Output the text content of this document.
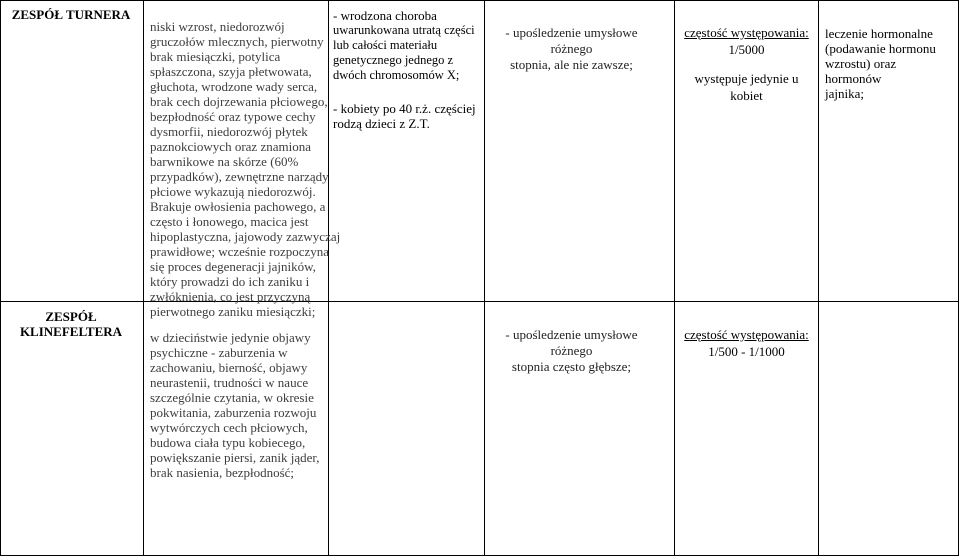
ZESPÓŁ TURNERA
niski wzrost, niedorozwój
gruczołów mlecznych, pierwotny
brak miesiączki, potylica
spłaszczona, szyja płetwowata,
głuchota, wrodzone wady serca,
brak cech dojrzewania płciowego,
bezpłodność oraz typowe cechy
dysmorfii, niedorozwój płytek
paznokciowych oraz znamiona
barwnikowe na skórze (60%
przypadków), zewnętrzne narządy
płciowe wykazują niedorozwój.
Brakuje owłosienia pachowego, a
często i łonowego, macica jest
hipoplastyczna, jajowody zazwyczaj
prawidłowe; wcześnie rozpoczyna
się proces degeneracji jajników,
który prowadzi do ich zaniku i
zwłóknienia, co jest przyczyną
pierwotnego zaniku miesiączki;
- wrodzona choroba
uwarunkowana utratą części
lub całości materiału
genetycznego jednego z
dwóch chromosomów X;
- kobiety po 40 r.ż. częściej
rodzą dzieci z Z.T.
- upośledzenie umysłowe różnego
stopnia, ale nie zawsze;
częstość występowania:
1/5000
występuje jedynie u kobiet
leczenie hormonalne
(podawanie hormonu
wzrostu) oraz hormonów
jajnika;
ZESPÓŁ
KLINEFELTERA	w dzieciństwie jedynie objawy
psychiczne - zaburzenia w
zachowaniu, bierność, objawy
neurastenii, trudności w nauce
szczególnie czytania, w okresie
pokwitania, zaburzenia rozwoju
wytwórczych cech płciowych,
budowa ciała typu kobiecego,
powiększanie piersi, zanik jąder,
brak nasienia, bezpłodność;
- upośledzenie umysłowe różnego
stopnia często głębsze;
częstość występowania:
1/500 - 1/1000
